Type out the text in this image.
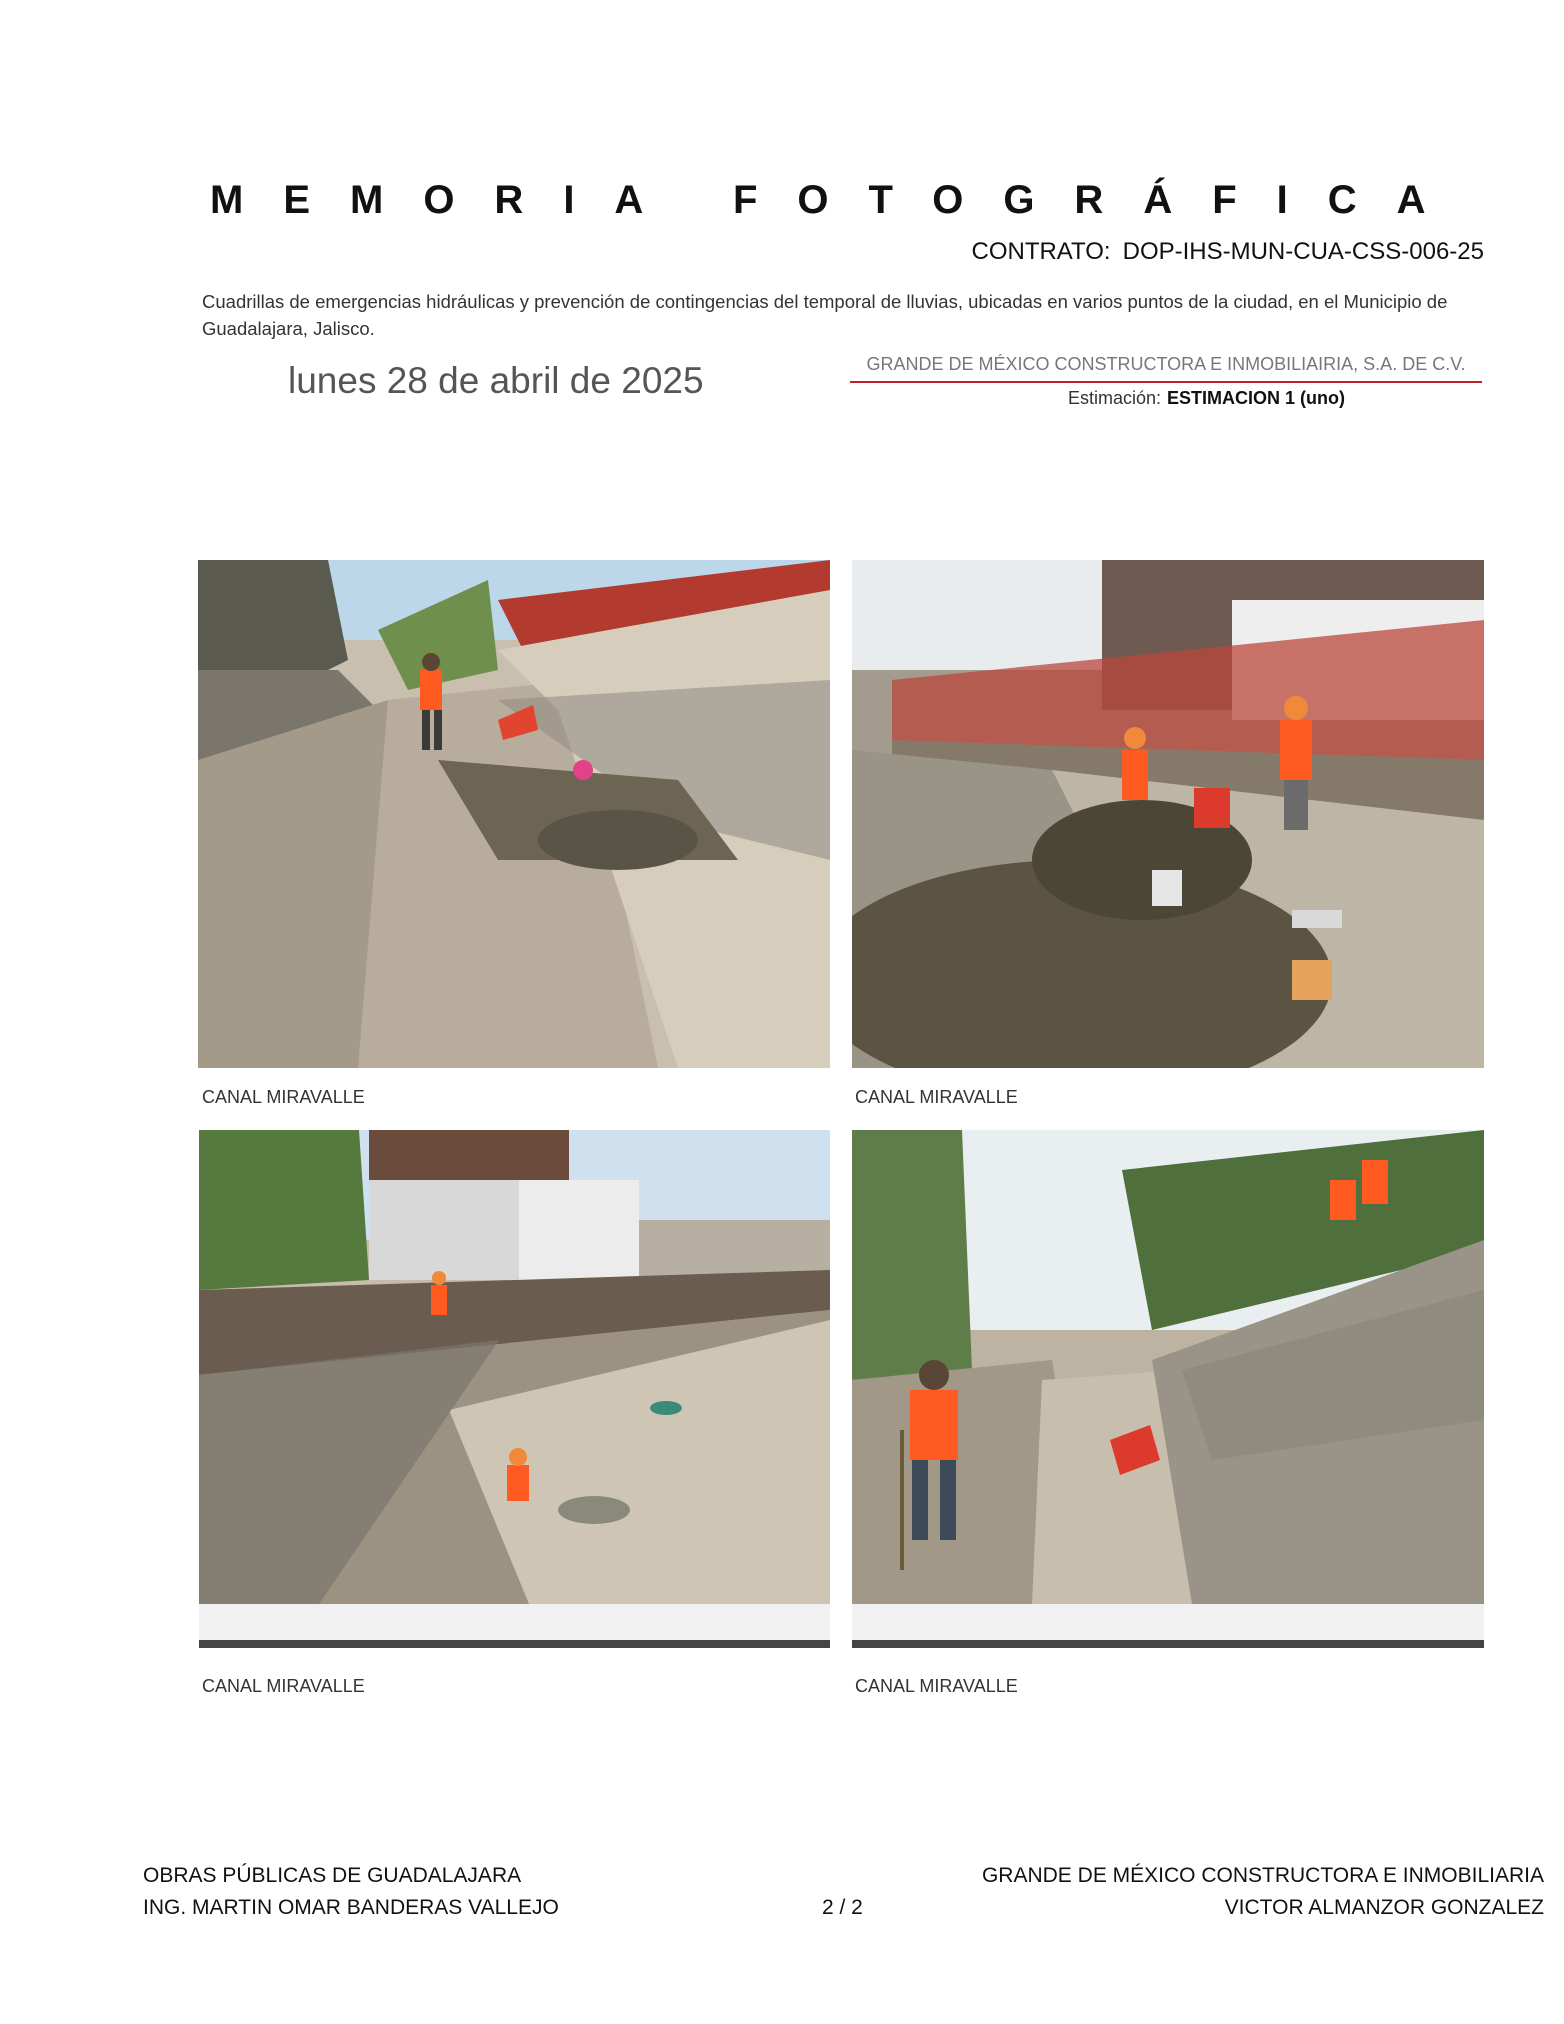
MEMORIA FOTOGRÁFICA
CONTRATO: DOP-IHS-MUN-CUA-CSS-006-25
Cuadrillas de emergencias hidráulicas y prevención de contingencias del temporal de lluvias, ubicadas en varios puntos de la ciudad, en el Municipio de Guadalajara, Jalisco.
lunes 28 de abril de 2025	GRANDE DE MÉXICO CONSTRUCTORA E INMOBILIAIRIA, S.A. DE C.V.
Estimación: ESTIMACION 1 (uno)
CANAL MIRAVALLE	CANAL MIRAVALLE
CANAL MIRAVALLE	CANAL MIRAVALLE
OBRAS PÚBLICAS DE GUADALAJARA
ING. MARTIN OMAR BANDERAS VALLEJO	2 / 2
GRANDE DE MÉXICO CONSTRUCTORA E INMOBILIARIA
VICTOR ALMANZOR GONZALEZ
